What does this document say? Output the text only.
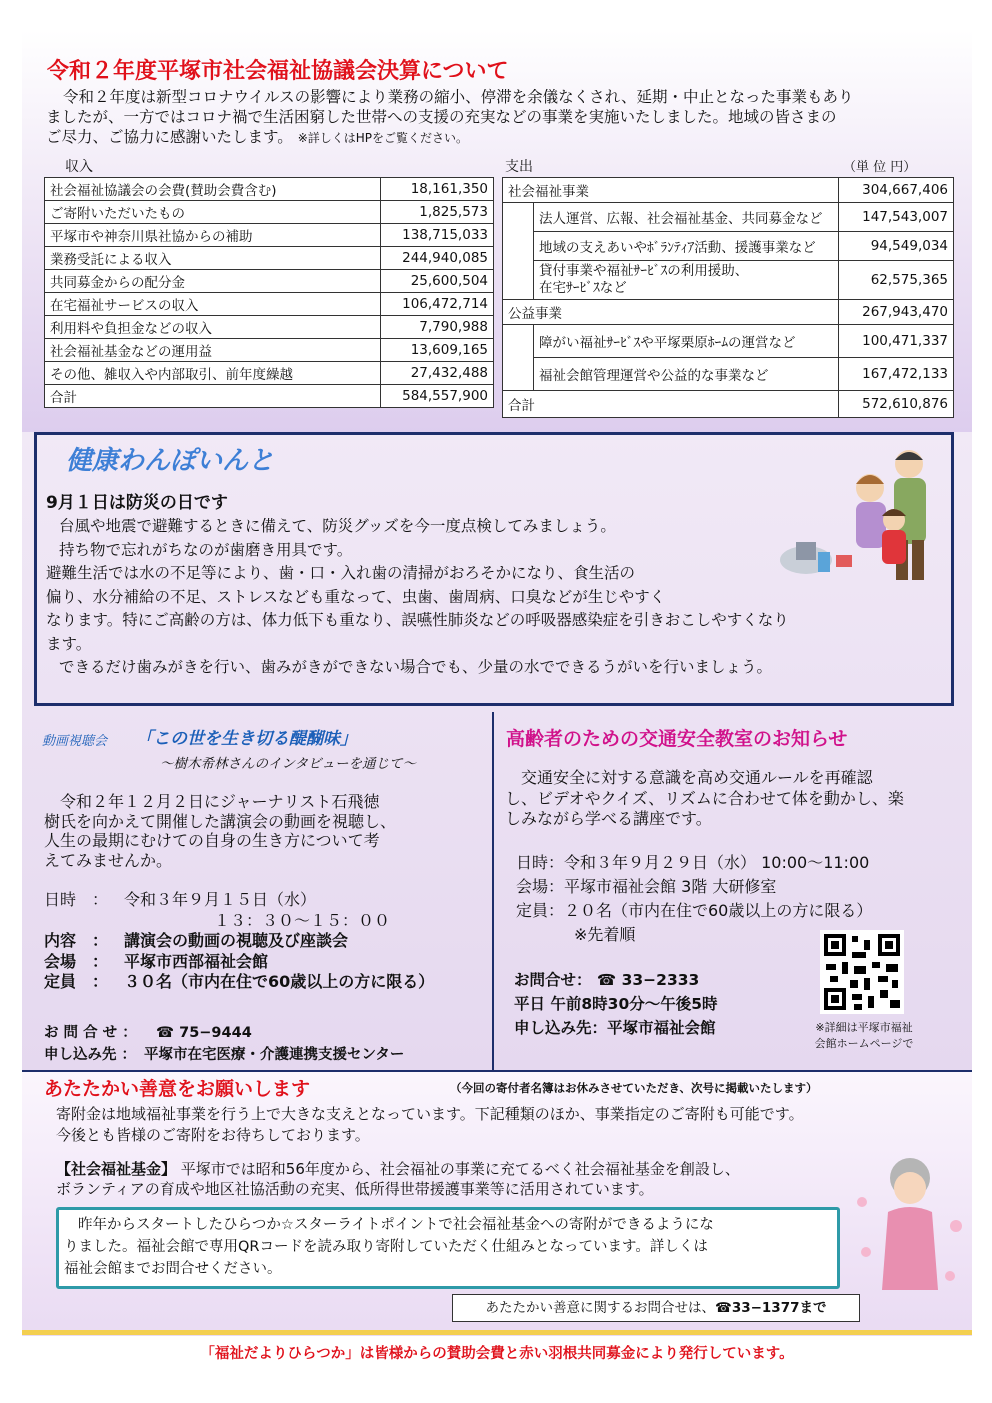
令和２年度平塚市社会福祉協議会決算について
令和２年度は新型コロナウイルスの影響により業務の縮小、停滞を余儀なくされ、延期・中止となった事業もあり
ましたが、一方ではコロナ禍で生活困窮した世帯への支援の充実などの事業を実施いたしました。地域の皆さまの
ご尽力、ご協力に感謝いたします。 ※詳しくはHPをご覧ください。
収入	支出	（単 位 円）
社会福祉協議会の会費(賛助会費含む)	18,161,350
ご寄附いただいたもの	1,825,573
平塚市や神奈川県社協からの補助	138,715,033
業務受託による収入	244,940,085
共同募金からの配分金	25,600,504
在宅福祉サービスの収入	106,472,714
利用料や負担金などの収入	7,790,988
社会福祉基金などの運用益	13,609,165
その他、雑収入や内部取引、前年度繰越	27,432,488
合計	584,557,900
社会福祉事業		304,667,406
	法人運営、広報、社会福祉基金、共同募金など	147,543,007
	地域の支えあいやﾎﾞﾗﾝﾃｨｱ活動、援護事業など	94,549,034

	貸付事業や福祉ｻｰﾋﾞｽの利用援助、
在宅ｻｰﾋﾞｽなど	62,575,365
公益事業		267,943,470
	障がい福祉ｻｰﾋﾞｽや平塚栗原ﾎｰﾑの運営など	100,471,337
	福祉会館管理運営や公益的な事業など	167,472,133
合計		572,610,876
健康わんぽいんと
9月１日は防災の日です
台風や地震で避難するときに備えて、防災グッズを今一度点検してみましょう。
持ち物で忘れがちなのが歯磨き用具です。
避難生活では水の不足等により、歯・口・入れ歯の清掃がおろそかになり、食生活の
偏り、水分補給の不足、ストレスなども重なって、虫歯、歯周病、口臭などが生じやすく
なります。特にご高齢の方は、体力低下も重なり、誤嚥性肺炎などの呼吸器感染症を引きおこしやすくなり
ます。
できるだけ歯みがきを行い、歯みがきができない場合でも、少量の水でできるうがいを行いましょう。
動画視聴会 「この世を生き切る醍醐味」
～樹木希林さんのインタビューを通じて～
令和２年１２月２日にジャーナリスト石飛徳
樹氏を向かえて開催した講演会の動画を視聴し、
人生の最期にむけての自身の生き方について考
えてみませんか。
日時　： 令和３年９月１５日（水）
１３：３０～１５：００
内容　： 講演会の動画の視聴及び座談会
会場　： 平塚市西部福祉会館
定員　： ３０名（市内在住で60歳以上の方に限る）
お 問 合 せ ： ☎ 75−9444
申し込み先 ： 平塚市在宅医療・介護連携支援センター
高齢者のための交通安全教室のお知らせ
交通安全に対する意識を高め交通ルールを再確認
し、ビデオやクイズ、リズムに合わせて体を動かし、楽
しみながら学べる講座です。
日時：令和３年９月２９日（水） 10:00～11:00
会場：平塚市福祉会館 3階 大研修室
定員：２０名（市内在住で60歳以上の方に限る）
※先着順
お問合せ： ☎ 33−2333
平日 午前8時30分～午後5時
申し込み先：平塚市福祉会館	※詳細は平塚市福祉
会館ホームページで
あたたかい善意をお願いします	（今回の寄付者名簿はお休みさせていただき、次号に掲載いたします）
寄附金は地域福祉事業を行う上で大きな支えとなっています。下記種類のほか、事業指定のご寄附も可能です。
今後とも皆様のご寄附をお待ちしております。
【社会福祉基金】 平塚市では昭和56年度から、社会福祉の事業に充てるべく社会福祉基金を創設し、
ボランティアの育成や地区社協活動の充実、低所得世帯援護事業等に活用されています。
昨年からスタートしたひらつか☆スターライトポイントで社会福祉基金への寄附ができるようにな
りました。福祉会館で専用QRコードを読み取り寄附していただく仕組みとなっています。詳しくは
福祉会館までお問合せください。
あたたかい善意に関するお問合せは、☎33−1377まで
「福祉だよりひらつか」は皆様からの賛助会費と赤い羽根共同募金により発行しています。
